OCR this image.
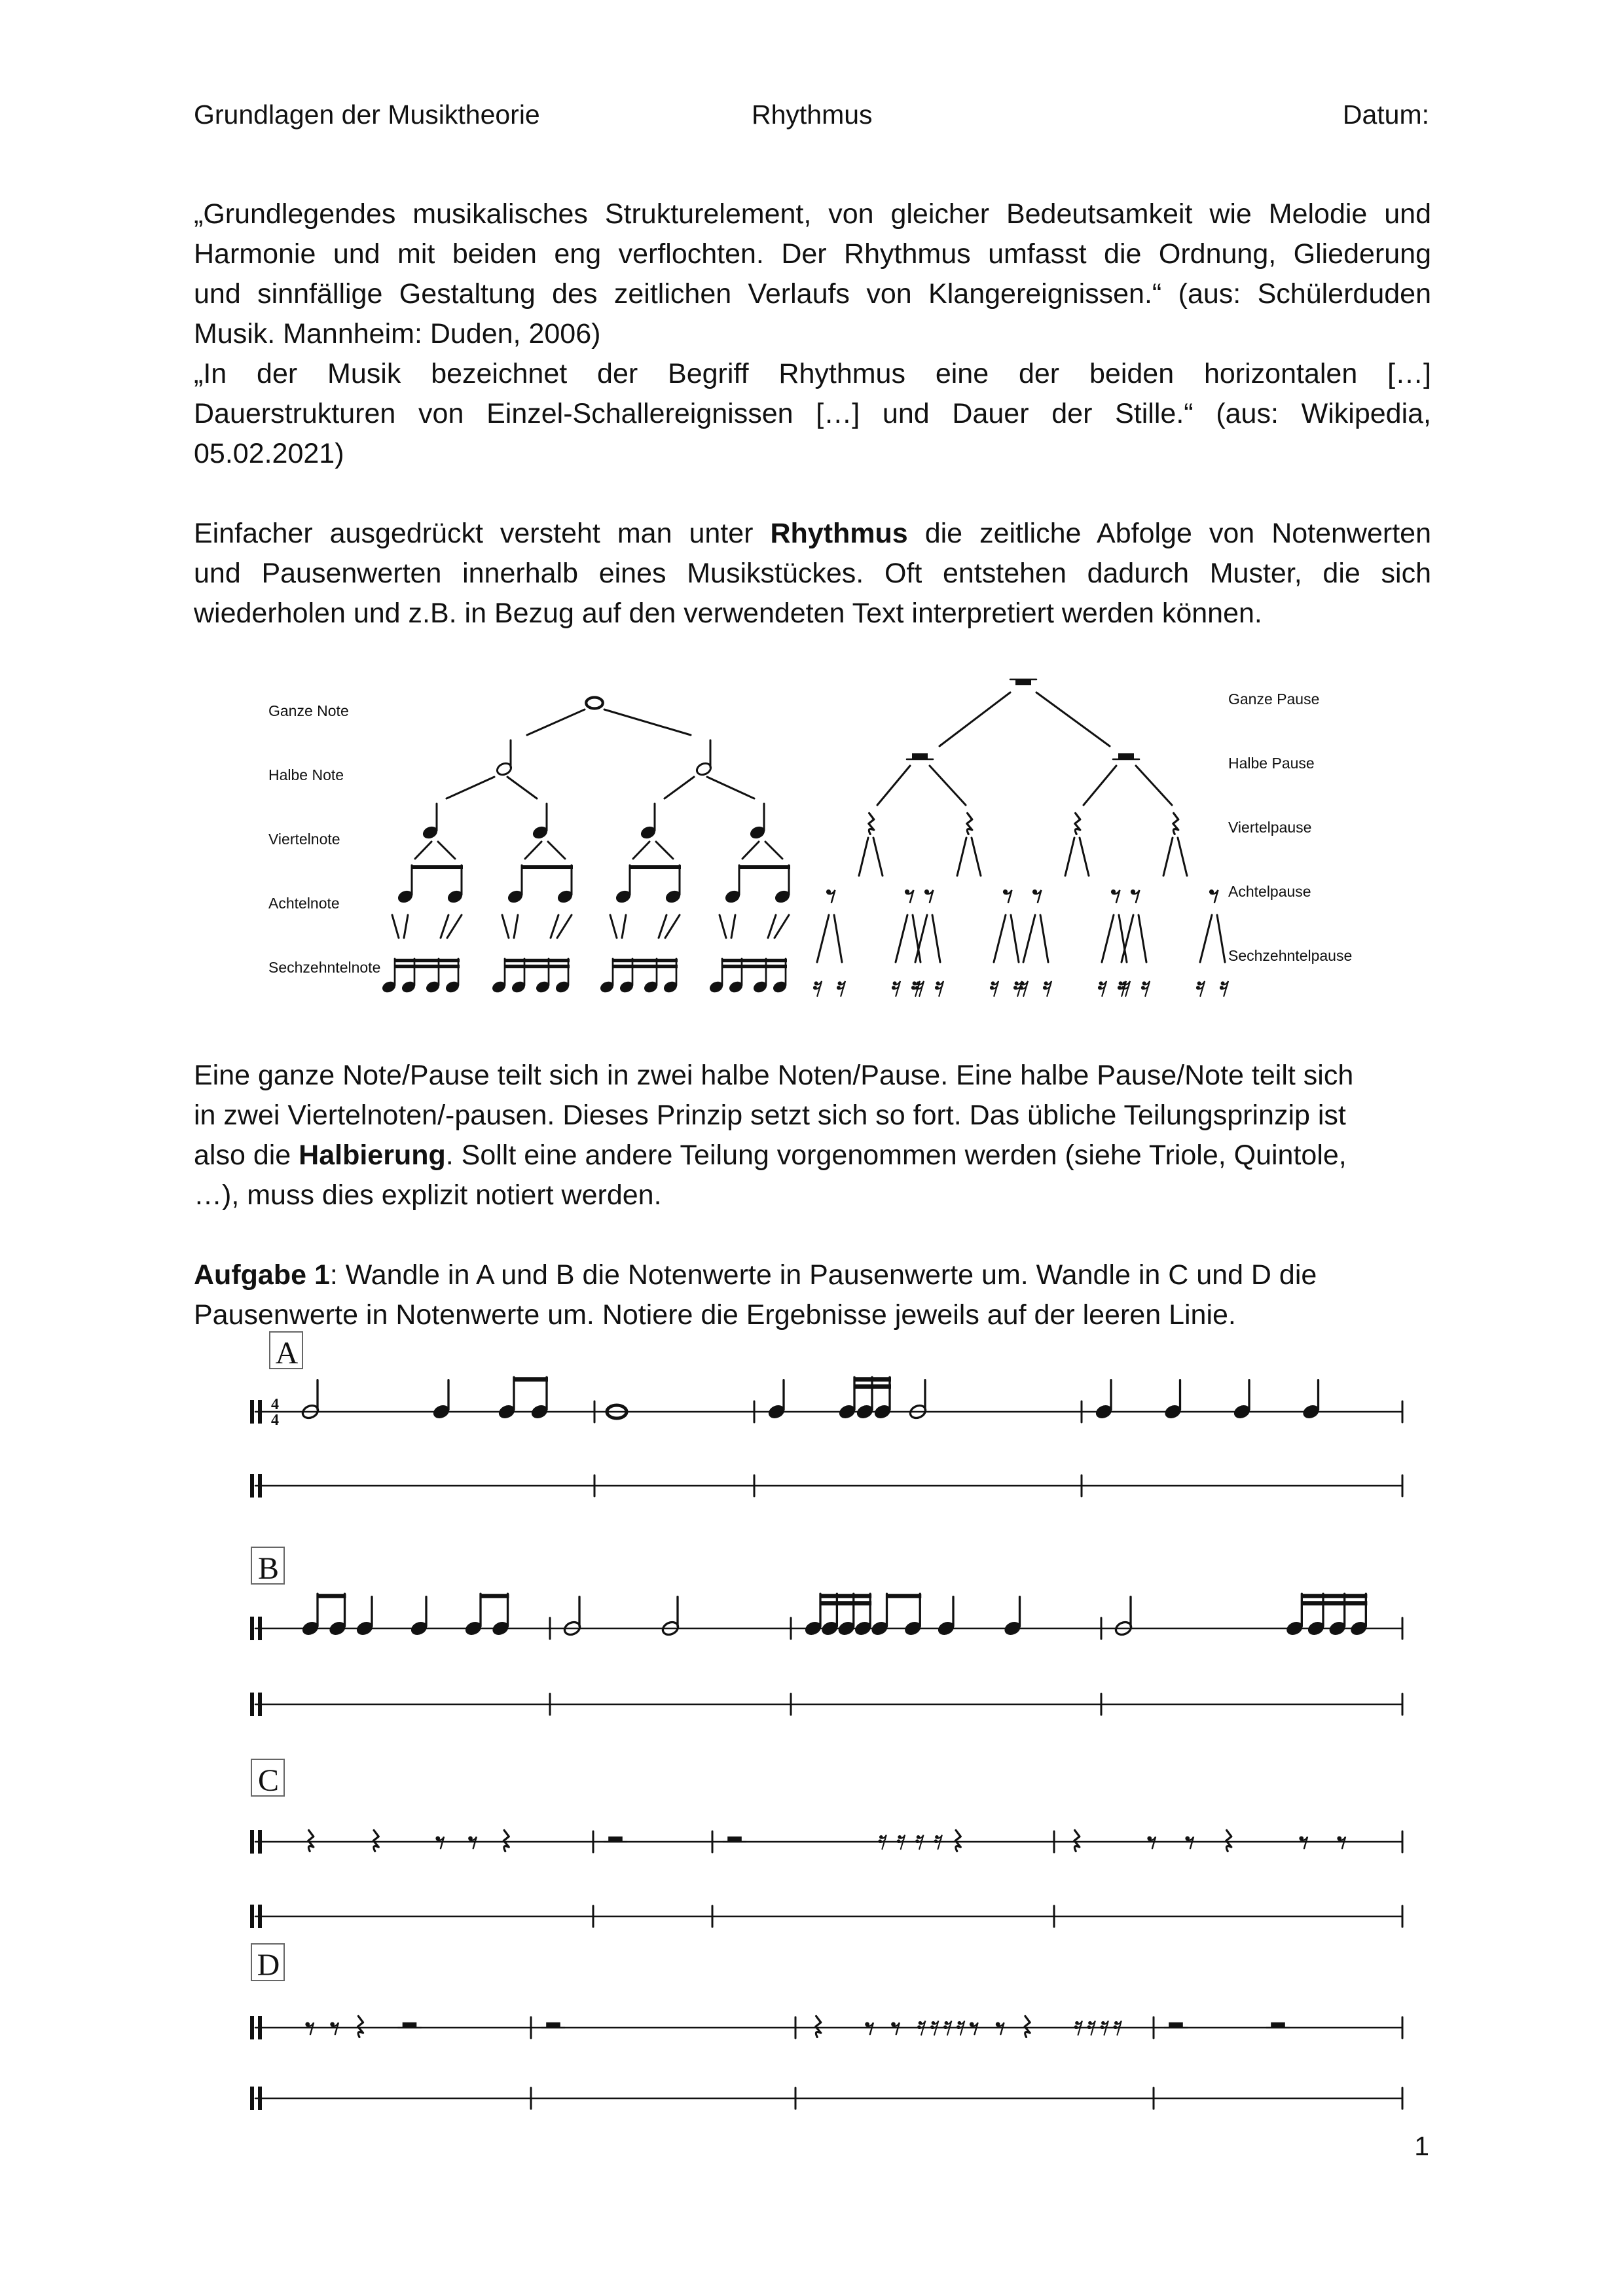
Grundlagen der Musiktheorie	Rhythmus	Datum:
„Grundlegendes musikalisches Strukturelement, von gleicher Bedeutsamkeit wie Melodie und
Harmonie und mit beiden eng verflochten. Der Rhythmus umfasst die Ordnung, Gliederung
und sinnfällige Gestaltung des zeitlichen Verlaufs von Klangereignissen.“ (aus: Schülerduden
Musik. Mannheim: Duden, 2006)
„In der Musik bezeichnet der Begriff Rhythmus eine der beiden horizontalen […]
Dauerstrukturen von Einzel-Schallereignissen […] und Dauer der Stille.“ (aus: Wikipedia,
05.02.2021)
Einfacher ausgedrückt versteht man unter Rhythmus die zeitliche Abfolge von Notenwerten
und Pausenwerten innerhalb eines Musikstückes. Oft entstehen dadurch Muster, die sich
wiederholen und z.B. in Bezug auf den verwendeten Text interpretiert werden können.
Ganze Note
Halbe Note
Viertelnote
Achtelnote
Sechzehntelnote
Ganze Pause
Halbe Pause
Viertelpause
Achtelpause
Sechzehntelpause
Eine ganze Note/Pause teilt sich in zwei halbe Noten/Pause. Eine halbe Pause/Note teilt sich
in zwei Viertelnoten/-pausen. Dieses Prinzip setzt sich so fort. Das übliche Teilungsprinzip ist
also die Halbierung. Sollt eine andere Teilung vorgenommen werden (siehe Triole, Quintole,
…), muss dies explizit notiert werden.
Aufgabe 1: Wandle in A und B die Notenwerte in Pausenwerte um. Wandle in C und D die
Pausenwerte in Notenwerte um. Notiere die Ergebnisse jeweils auf der leeren Linie.
A
4
4
B
C
D
1
